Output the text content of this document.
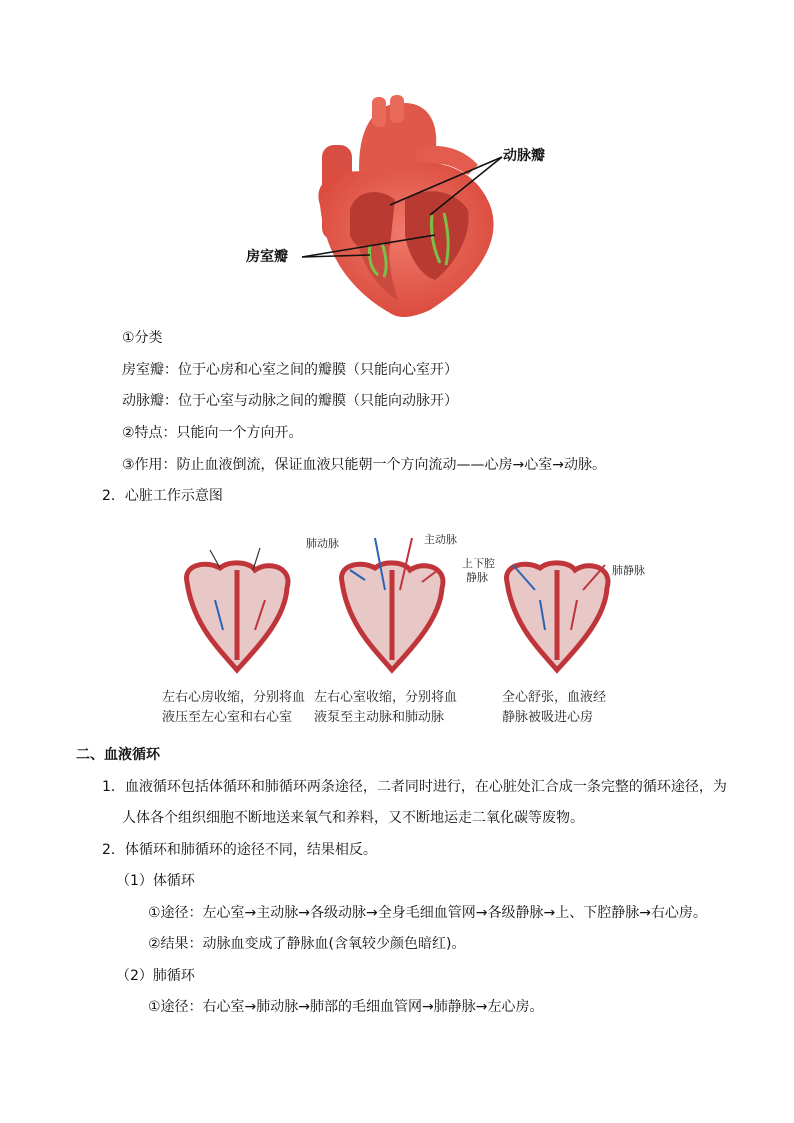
动脉瓣
房室瓣
①分类
房室瓣：位于心房和心室之间的瓣膜（只能向心室开）
动脉瓣：位于心室与动脉之间的瓣膜（只能向动脉开）
②特点：只能向一个方向开。
③作用：防止血液倒流，保证血液只能朝一个方向流动——心房→心室→动脉。
2．心脏工作示意图
肺动脉	主动脉
上下腔
静脉
肺静脉
左右心房收缩，分别将血
液压至左心室和右心室
左右心室收缩，分别将血
液泵至主动脉和肺动脉
全心舒张，血液经
静脉被吸进心房
二、血液循环
1．血液循环包括体循环和肺循环两条途径，二者同时进行，在心脏处汇合成一条完整的循环途径，为
人体各个组织细胞不断地送来氧气和养料，又不断地运走二氧化碳等废物。
2．体循环和肺循环的途径不同，结果相反。
（1）体循环
①途径：左心室→主动脉→各级动脉→全身毛细血管网→各级静脉→上、下腔静脉→右心房。
②结果：动脉血变成了静脉血(含氧较少颜色暗红)。
（2）肺循环
①途径：右心室→肺动脉→肺部的毛细血管网→肺静脉→左心房。
